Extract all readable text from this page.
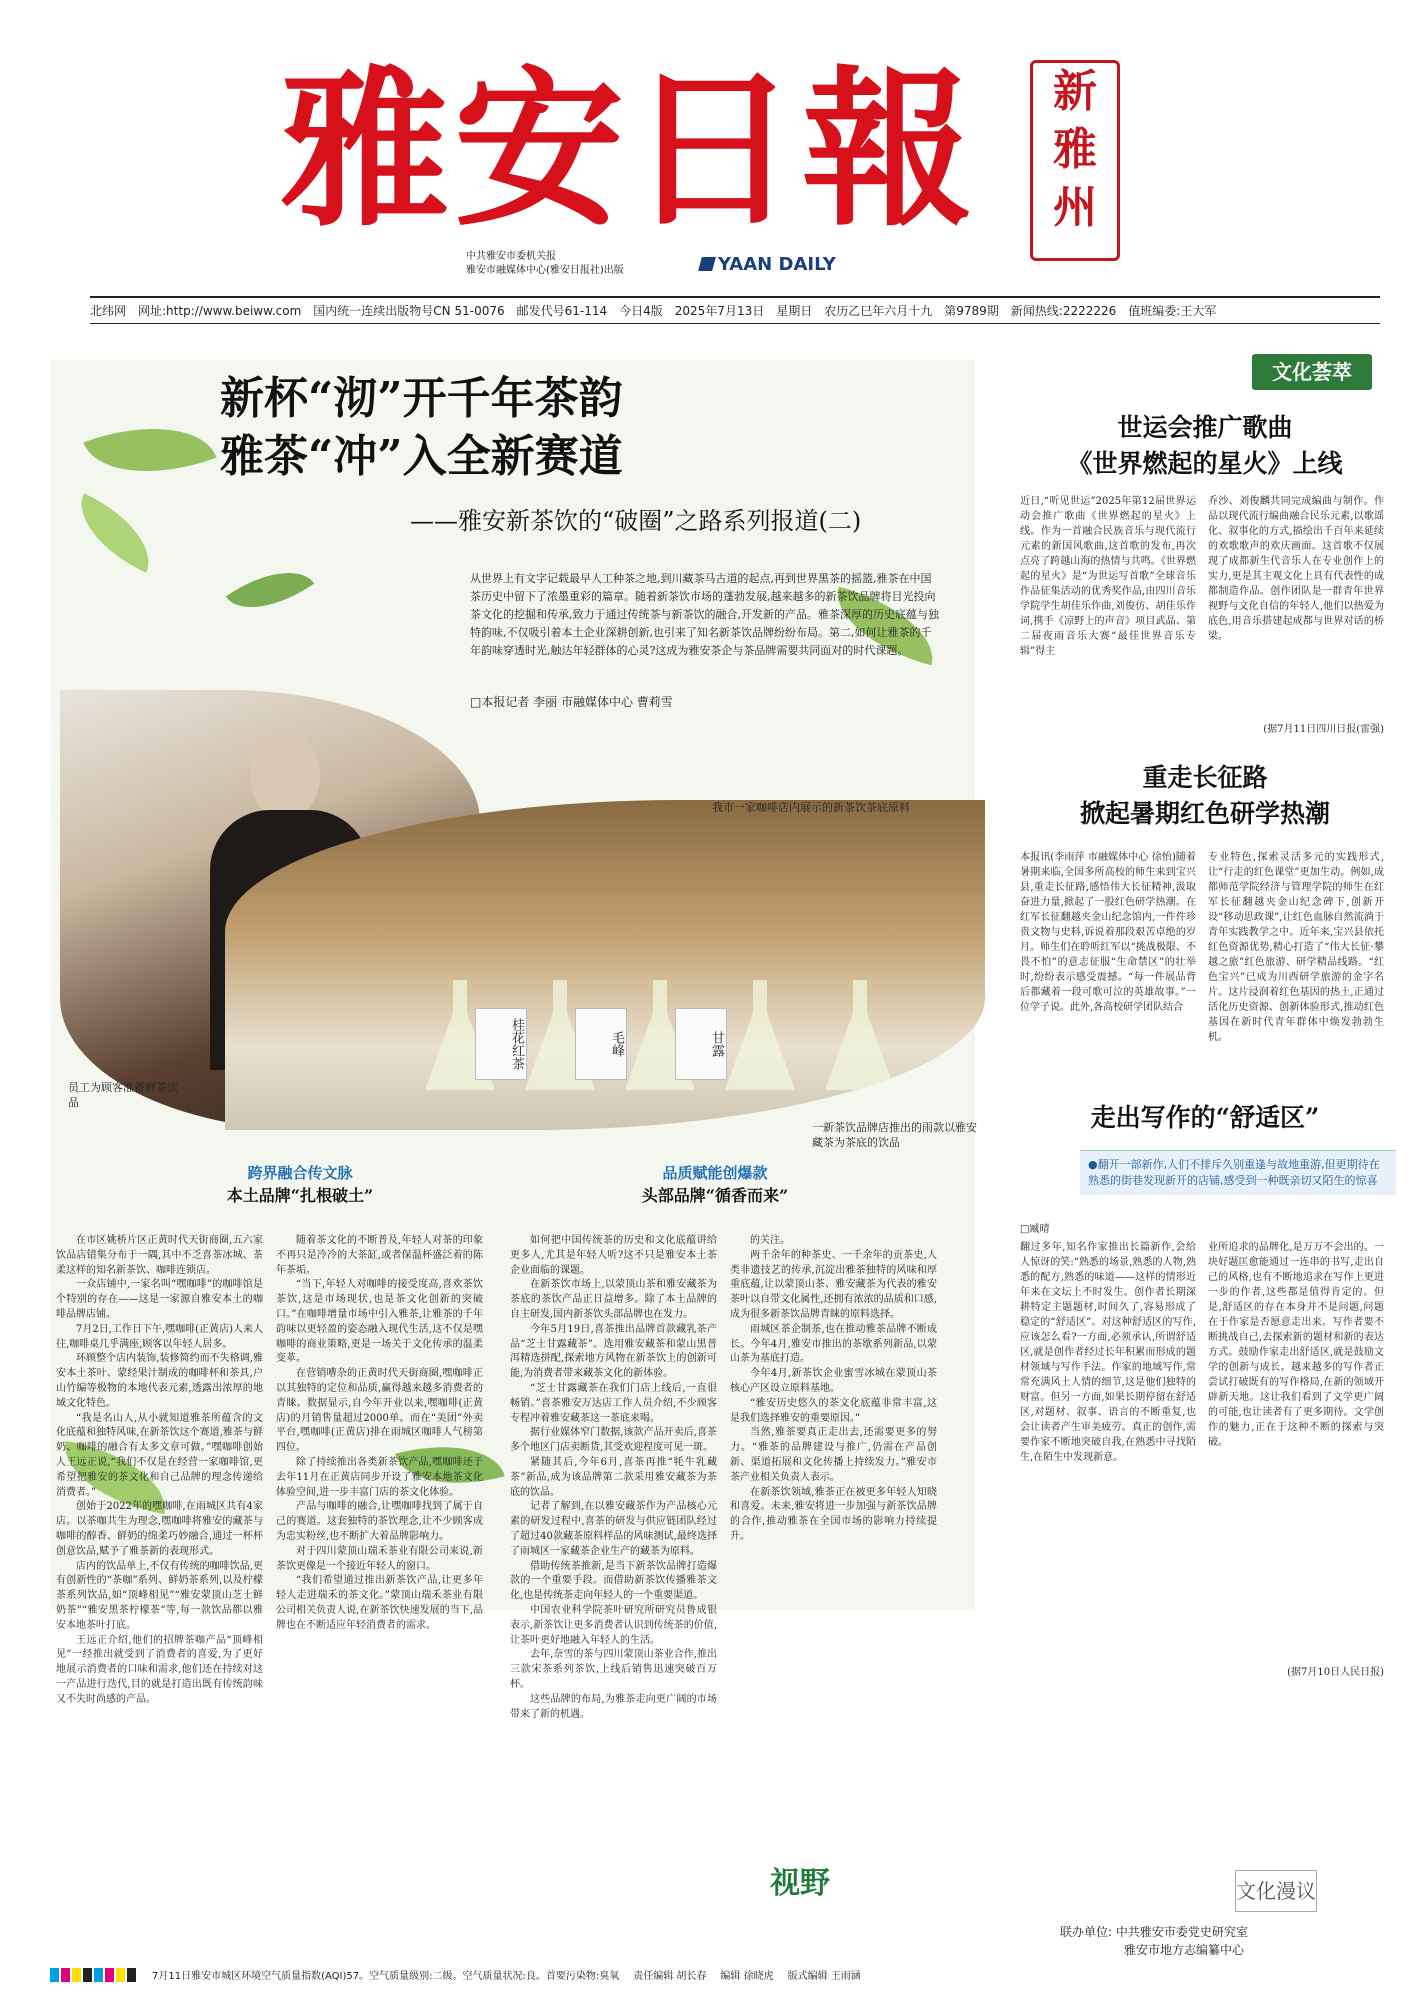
雅安日報	新
雅
州
中共雅安市委机关报
雅安市融媒体中心(雅安日报社)出版	YAAN DAILY
北纬网 网址:http://www.beiww.com 国内统一连续出版物号CN 51-0076 邮发代号61-114 今日4版 2025年7月13日 星期日 农历乙巳年六月十九 第9789期 新闻热线:2222226 值班编委:王大军
新杯“沏”开千年茶韵
雅茶“冲”入全新赛道
——雅安新茶饮的“破圈”之路系列报道(二)
从世界上有文字记载最早人工种茶之地,到川藏茶马古道的起点,再到世界黑茶的摇篮,雅茶在中国茶历史中留下了浓墨重彩的篇章。随着新茶饮市场的蓬勃发展,越来越多的新茶饮品牌将目光投向茶文化的挖掘和传承,致力于通过传统茶与新茶饮的融合,开发新的产品。雅茶深厚的历史底蕴与独特韵味,不仅吸引着本土企业深耕创新,也引来了知名新茶饮品牌纷纷布局。第二,如何让雅茶的千年韵味穿透时光,触达年轻群体的心灵?这成为雅安茶企与茶品牌需要共同面对的时代课题。
□本报记者 李丽 市融媒体中心 曹莉雪
桂花红茶	毛峰	甘露
员工为顾客准备鲜茶饮品
我市一家咖啡店内展示的新茶饮茶底原料
一新茶饮品牌店推出的雨款以雅安藏茶为茶底的饮品
跨界融合传文脉
本土品牌“扎根破土”
品质赋能创爆款
头部品牌“循香而来”

在市区姚桥片区正黄时代天街商圈,五六家饮品店错集分布于一隅,其中不乏喜茶冰城、茶柔这样的知名新茶饮、咖啡连锁店。

一众店铺中,一家名叫“嘿咖啡”的咖啡馆是个特别的存在——这是一家源自雅安本土的咖啡品牌店铺。

7月2日,工作日下午,嘿咖啡(正黄店)人来人往,咖啡桌几乎满座,顾客以年轻人居多。

环顾整个店内装饰,装修简约而不失格调,雅安本土茶叶、蒙经果汁制成的咖啡杯和茶具,户山竹编等极物的本地代表元素,透露出浓厚的地域文化特色。

“我是名山人,从小就知道雅茶所蕴含的文化底蕴和独特风味,在新茶饮这个赛道,雅茶与鲜奶、咖啡的融合有太多文章可做。”嘿咖啡创始人王远正说,“我们不仅是在经营一家咖啡馆,更希望把雅安的茶文化和自己品牌的理念传递给消费者。”

创始于2022年的嘿咖啡,在雨城区共有4家店。以茶咖共生为理念,嘿咖啡将雅安的藏茶与咖啡的醇香、鲜奶的绵柔巧妙融合,通过一杯杯创意饮品,赋予了雅茶新的表现形式。

店内的饮品单上,不仅有传统的咖啡饮品,更有创新性的“茶咖”系列、鲜奶茶系列,以及柠檬茶系列饮品,如“顶峰相见”“雅安蒙顶山芝士鲜奶茶”“雅安黑茶柠檬茶”等,每一款饮品都以雅安本地茶叶打底。

王远正介绍,他们的招牌茶咖产品“顶峰相见”一经推出就受到了消费者的喜爱,为了更好地展示消费者的口味和需求,他们还在持续对这一产品进行迭代,目的就是打造出既有传统韵味又不失时尚感的产品。

随着茶文化的不断普及,年轻人对茶的印象不再只是冷冷的大茶缸,或者保温杯盛泛着的陈年茶垢。

“当下,年轻人对咖啡的接受度高,喜欢茶饮茶饮,这是市场现状,也是茶文化创新的突破口。”在咖啡增量市场中引入雅茶,让雅茶的千年韵味以更轻盈的姿态融入现代生活,这不仅是嘿咖啡的商业策略,更是一场关于文化传承的温柔变革。

在营销嘈杂的正黄时代天街商圈,嘿咖啡正以其独特的定位和品质,赢得越来越多消费者的青睐。数据显示,自今年开业以来,嘿咖啡(正黄店)的月销售量超过2000单。而在“美团”外卖平台,嘿咖啡(正黄店)排在雨城区咖啡人气榜第四位。

除了持续推出各类新茶饮产品,嘿咖啡还于去年11月在正黄店同步开设了雅安本地茶文化体验空间,进一步丰富门店的茶文化体验。

产品与咖啡的融合,让嘿咖啡找到了属于自己的赛道。这套独特的茶饮理念,让不少顾客成为忠实粉丝,也不断扩大着品牌影响力。

对于四川蒙顶山瑞禾茶业有限公司来说,新茶饮更像是一个接近年轻人的窗口。

“我们希望通过推出新茶饮产品,让更多年轻人走进瑞禾的茶文化。”蒙顶山瑞禾茶业有限公司相关负责人说,在新茶饮快速发展的当下,品牌也在不断适应年轻消费者的需求。

如何把中国传统茶的历史和文化底蕴讲给更多人,尤其是年轻人听?这不只是雅安本土茶企业面临的课题。

在新茶饮市场上,以蒙顶山茶和雅安藏茶为茶底的茶饮产品正日益增多。除了本土品牌的自主研发,国内新茶饮头部品牌也在发力。

今年5月19日,喜茶推出品牌首款藏乳茶产品“芝士甘露藏茶”。选用雅安藏茶和蒙山黑普洱精选拼配,探索地方风物在新茶饮上的创新可能,为消费者带来藏茶文化的新体验。

“芝士甘露藏茶在我们门店上线后,一直很畅销。”喜茶雅安万达店工作人员介绍,不少顾客专程冲着雅安藏茶这一茶底来喝。

据行业媒体窄门数据,该款产品开卖后,喜茶多个地区门店卖断货,其受欢迎程度可见一斑。

紧随其后,今年6月,喜茶再推“牦牛乳藏茶”新品,成为该品牌第二款采用雅安藏茶为茶底的饮品。

记者了解到,在以雅安藏茶作为产品核心元素的研发过程中,喜茶的研发与供应链团队经过了超过40款藏茶原料样品的风味测试,最终选择了雨城区一家藏茶企业生产的藏茶为原料。

借助传统茶推新,是当下新茶饮品牌打造爆款的一个重要手段。而借助新茶饮传播雅茶文化,也是传统茶走向年轻人的一个重要渠道。

中国农业科学院茶叶研究所研究员鲁成银表示,新茶饮让更多消费者认识到传统茶的价值,让茶叶更好地融入年轻人的生活。

去年,奈雪的茶与四川蒙顶山茶业合作,推出三款宋茶系列茶饮,上线后销售迅速突破百万杯。

这些品牌的布局,为雅茶走向更广阔的市场带来了新的机遇。

的关注。

两千余年的种茶史、一千余年的贡茶史,人类非遗技艺的传承,沉淀出雅茶独特的风味和厚重底蕴,让以蒙顶山茶、雅安藏茶为代表的雅安茶叶以自带文化属性,还拥有浓浓的品质和口感,成为很多新茶饮品牌青睐的原料选择。

雨城区茶企制茶,也在推动雅茶品牌不断成长。今年4月,雅安市推出的茶歇系列新品,以蒙山茶为基底打造。

今年4月,新茶饮企业蜜雪冰城在蒙顶山茶核心产区设立原料基地。

“雅安历史悠久的茶文化底蕴非常丰富,这是我们选择雅安的重要原因。”

当然,雅茶要真正走出去,还需要更多的努力。“雅茶的品牌建设与推广,仍需在产品创新、渠道拓展和文化传播上持续发力。”雅安市茶产业相关负责人表示。

在新茶饮领域,雅茶正在被更多年轻人知晓和喜爱。未来,雅安将进一步加强与新茶饮品牌的合作,推动雅茶在全国市场的影响力持续提升。

视野
文化荟萃
世运会推广歌曲
《世界燃起的星火》上线
近日,“听见世运”2025年第12届世界运动会推广歌曲《世界燃起的星火》上线。作为一首融合民族音乐与现代流行元素的新国风歌曲,这首歌的发布,再次点亮了跨越山海的热情与共鸣。《世界燃起的星火》是“为世运写首歌”全球音乐作品征集活动的优秀奖作品,由四川音乐学院学生胡佳乐作曲,刘俊仿、胡佳乐作词,携手《凉野上的声音》项目武晶、第二届夜雨音乐大赛“最佳世界音乐专辑”得主
乔沙、刘俊麟共同完成编曲与制作。作品以现代流行编曲融合民乐元素,以歌谣化、叙事化的方式,描绘出千百年来延续的欢歌歌声的欢庆画面。这首歌不仅展现了成都新生代音乐人在专业创作上的实力,更是其主观文化上具有代表性的成都制造作品。创作团队是一群青年世界视野与文化自信的年轻人,他们以热爱为底色,用音乐搭建起成都与世界对话的桥梁。
(据7月11日四川日报(雷强)
重走长征路
掀起暑期红色研学热潮
本报讯(李雨萍 市融媒体中心 徐怡)随着暑期来临,全国多所高校的师生来到宝兴县,重走长征路,感悟伟大长征精神,汲取奋进力量,掀起了一股红色研学热潮。在红军长征翻越夹金山纪念馆内,一件件珍贵文物与史料,诉说着那段艰苦卓绝的岁月。师生们在聆听红军以“挑战极限、不畏不怕”的意志征服“生命禁区”的壮举时,纷纷表示感受震撼。“每一件展品背后都藏着一段可歌可泣的英雄故事。”一位学子说。此外,各高校研学团队结合
专业特色,探索灵活多元的实践形式,让“行走的红色课堂”更加生动。例如,成都师范学院经济与管理学院的师生在红军长征翻越夹金山纪念碑下,创新开设“移动思政课”,让红色血脉自然流淌于青年实践教学之中。近年来,宝兴县依托红色资源优势,精心打造了“伟大长征·攀越之旅”红色旅游、研学精品线路。“红色宝兴”已成为川西研学旅游的金字名片。这片浸润着红色基因的热土,正通过活化历史资源、创新体验形式,推动红色基因在新时代青年群体中焕发勃勃生机。
走出写作的“舒适区”
●翻开一部新作,人们不排斥久别重逢与故地重游,但更期待在熟悉的街巷发现新开的店铺,感受到一种既亲切又陌生的惊喜
□臧晴
翻过多年,知名作家推出长篇新作,会给人惊讶的笑:“熟悉的场景,熟悉的人物,熟悉的配方,熟悉的味道——这样的情形近年来在文坛上不时发生。创作者长期深耕特定主题题材,时间久了,容易形成了稳定的“舒适区”。对这种舒适区的写作,应该怎么看?一方面,必须承认,所谓舒适区,就是创作者经过长年积累而形成的题材领域与写作手法。作家的地域写作,常常充满风土人情的细节,这是他们独特的财富。但另一方面,如果长期停留在舒适区,对题材、叙事、语言的不断重复,也会让读者产生审美疲劳。真正的创作,需要作家不断地突破自我,在熟悉中寻找陌生,在陌生中发现新意。
业所追求的品牌化,是万万不会出的。一块好题匡愈能通过一连串的书写,走出自己的风格,也有不断地追求在写作上更进一步的作者,这些都是值得肯定的。但是,舒适区的存在本身并不是问题,问题在于作家是否愿意走出来。写作者要不断挑战自己,去探索新的题材和新的表达方式。鼓励作家走出舒适区,就是鼓励文学的创新与成长。越来越多的写作者正尝试打破既有的写作格局,在新的领域开辟新天地。这让我们看到了文学更广阔的可能,也让读者有了更多期待。文学创作的魅力,正在于这种不断的探索与突破。
(据7月10日人民日报)
文化漫议
联办单位: 中共雅安市委党史研究室
雅安市地方志编纂中心
7月11日雅安市城区环境空气质量指数(AQI)57。空气质量级别:二级。空气质量状况:良。首要污染物:臭氧 责任编辑 胡长春 编辑 徐晓虎 版式编辑 王雨涵
